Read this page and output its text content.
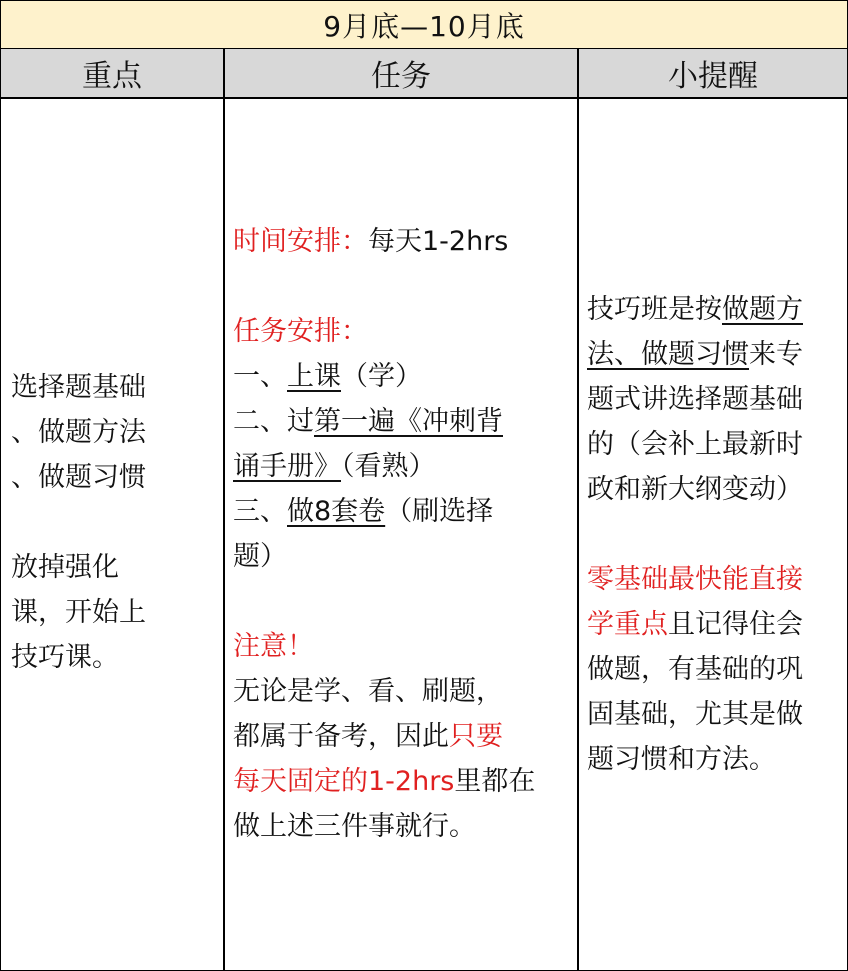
9月底—10月底
重点	任务	小提醒
选择题基础
、做题方法
、做题习惯
放掉强化
课，开始上
技巧课。
时间安排：每天1-2hrs
任务安排：
一、上课（学）
二、过第一遍《冲刺背
诵手册》（看熟）
三、做8套卷（刷选择
题）
注意！
无论是学、看、刷题，
都属于备考，因此只要
每天固定的1-2hrs里都在
做上述三件事就行。
技巧班是按做题方
法、做题习惯来专
题式讲选择题基础
的（会补上最新时
政和新大纲变动）
零基础最快能直接
学重点且记得住会
做题，有基础的巩
固基础，尤其是做
题习惯和方法。
